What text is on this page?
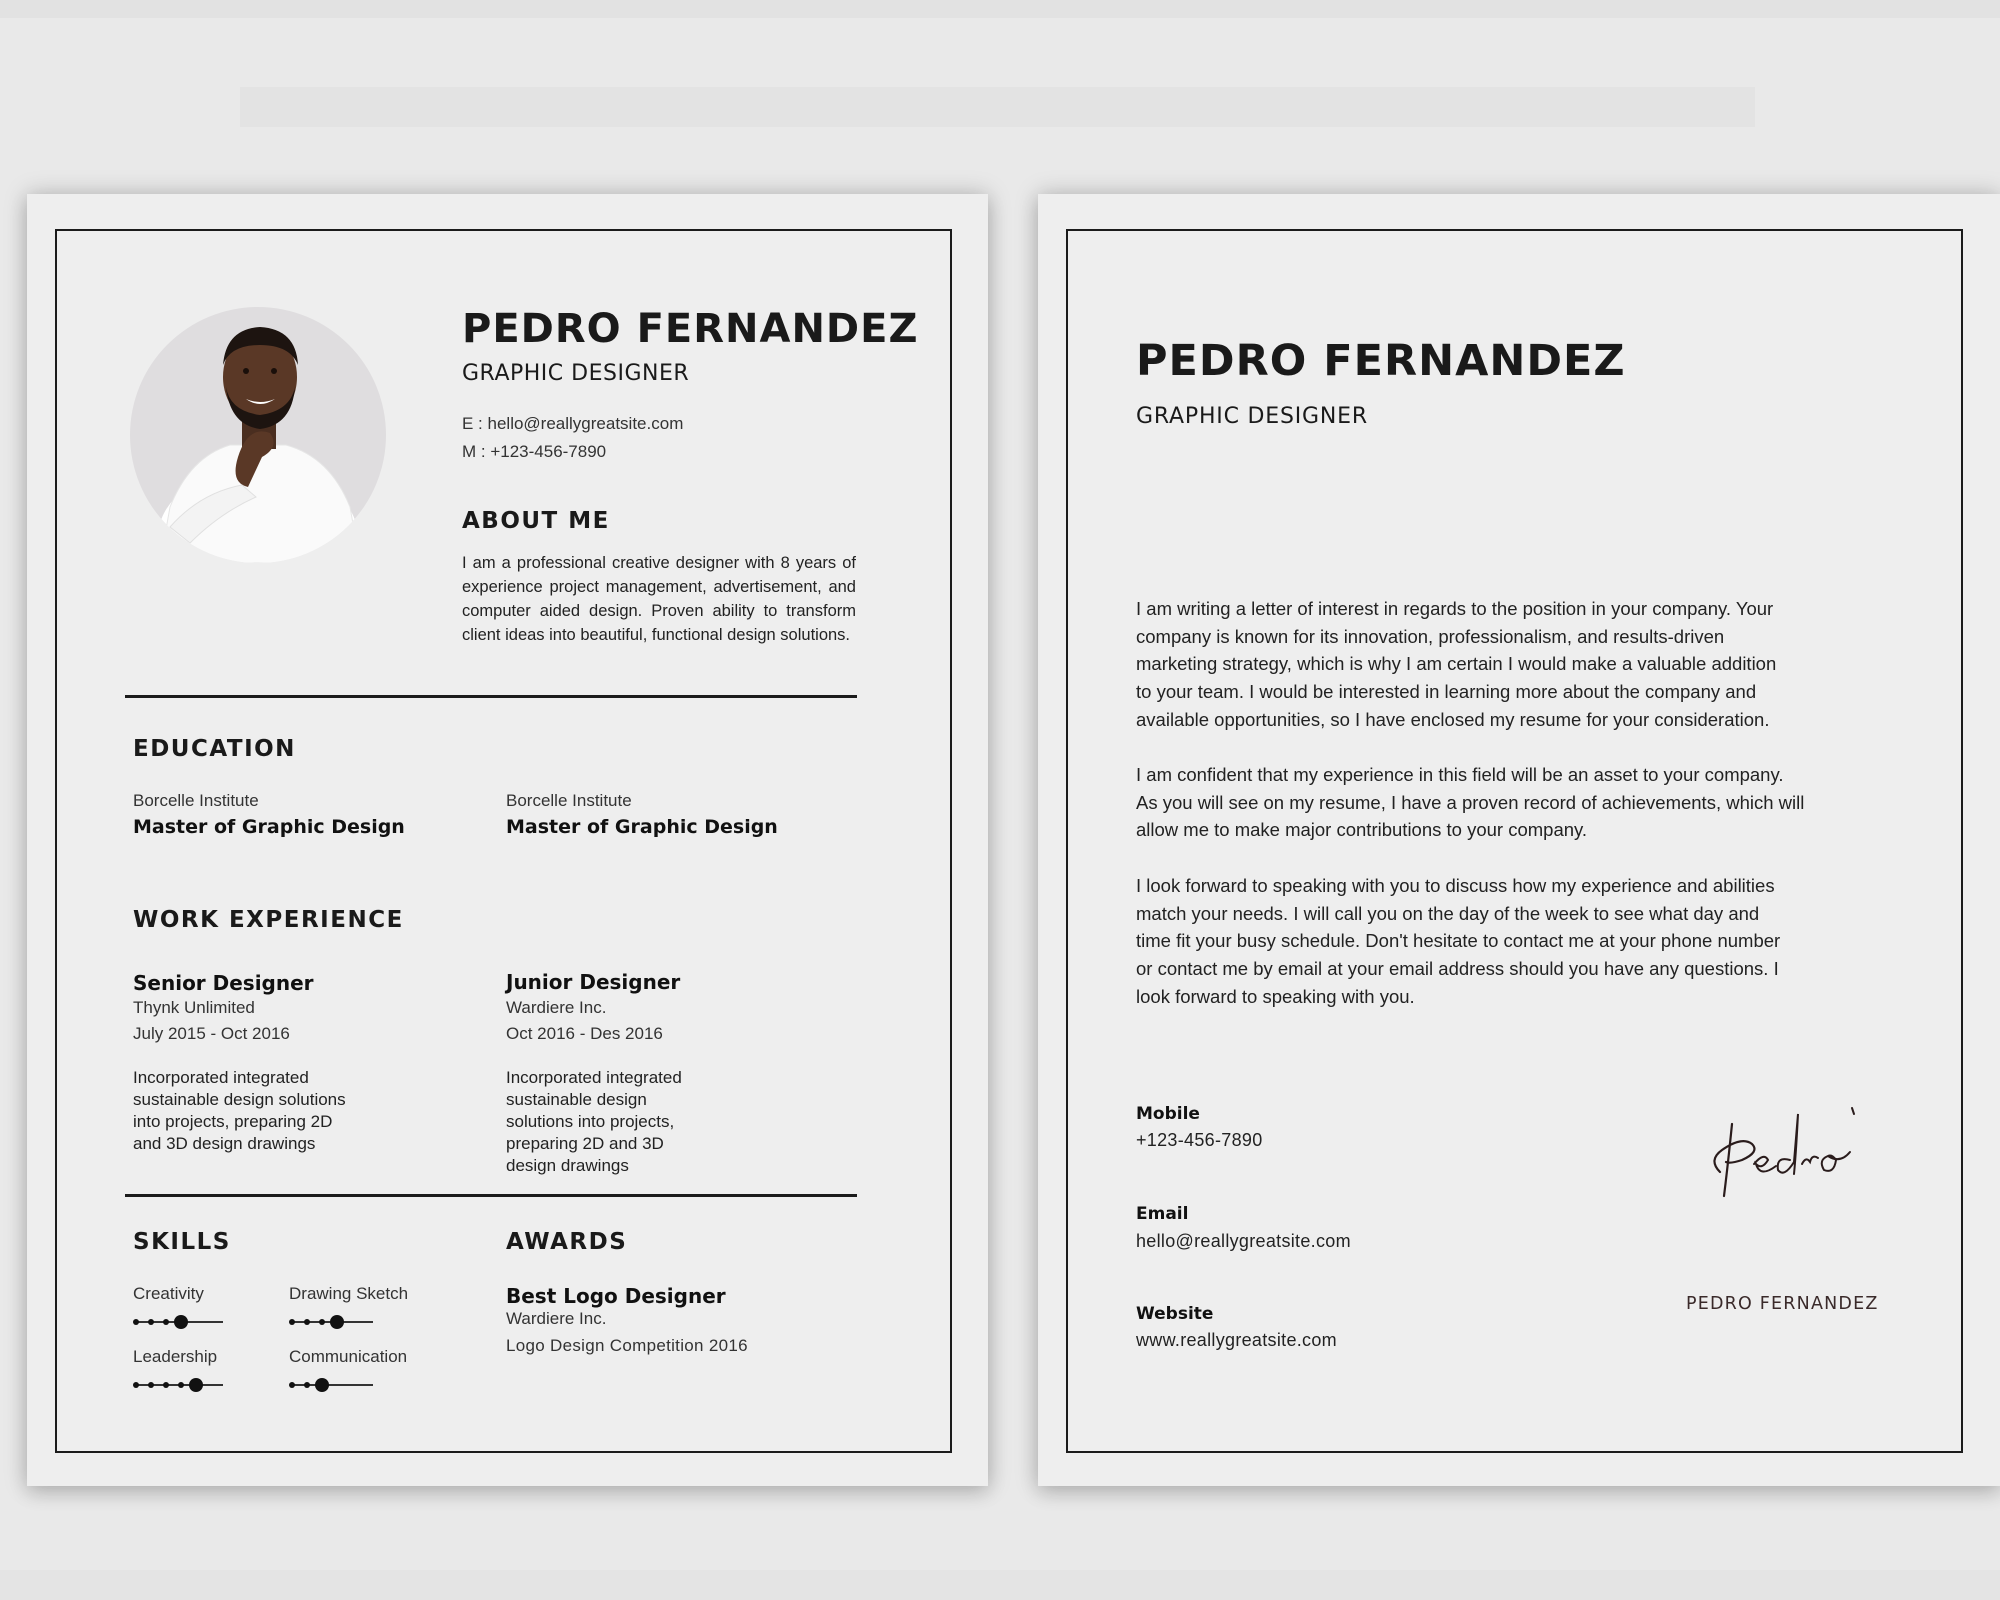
PEDRO FERNANDEZ
GRAPHIC DESIGNER
E : hello@reallygreatsite.com
M : +123-456-7890
ABOUT ME
I am a professional creative designer with 8 years of experience project management, advertisement, and computer aided design. Proven ability to transform client ideas into beautiful, functional design solutions.
EDUCATION
Borcelle Institute
Master of Graphic Design
Borcelle Institute
Master of Graphic Design
WORK EXPERIENCE
Senior Designer
Thynk Unlimited
July 2015 - Oct 2016
Incorporated integrated
sustainable design solutions
into projects, preparing 2D
and 3D design drawings
Junior Designer
Wardiere Inc.
Oct 2016 - Des 2016
Incorporated integrated
sustainable design
solutions into projects,
preparing 2D and 3D
design drawings
SKILLS
Creativity	Drawing Sketch
Leadership	Communication
AWARDS
Best Logo Designer
Wardiere Inc.
Logo Design Competition 2016
PEDRO FERNANDEZ
GRAPHIC DESIGNER
I am writing a letter of interest in regards to the position in your company. Your
company is known for its innovation, professionalism, and results-driven
marketing strategy, which is why I am certain I would make a valuable addition
to your team. I would be interested in learning more about the company and
available opportunities, so I have enclosed my resume for your consideration.
I am confident that my experience in this field will be an asset to your company.
As you will see on my resume, I have a proven record of achievements, which will
allow me to make major contributions to your company.
I look forward to speaking with you to discuss how my experience and abilities
match your needs. I will call you on the day of the week to see what day and
time fit your busy schedule. Don't hesitate to contact me at your phone number
or contact me by email at your email address should you have any questions. I
look forward to speaking with you.
Mobile
+123-456-7890
Email
hello@reallygreatsite.com
Website
www.reallygreatsite.com
PEDRO FERNANDEZ
